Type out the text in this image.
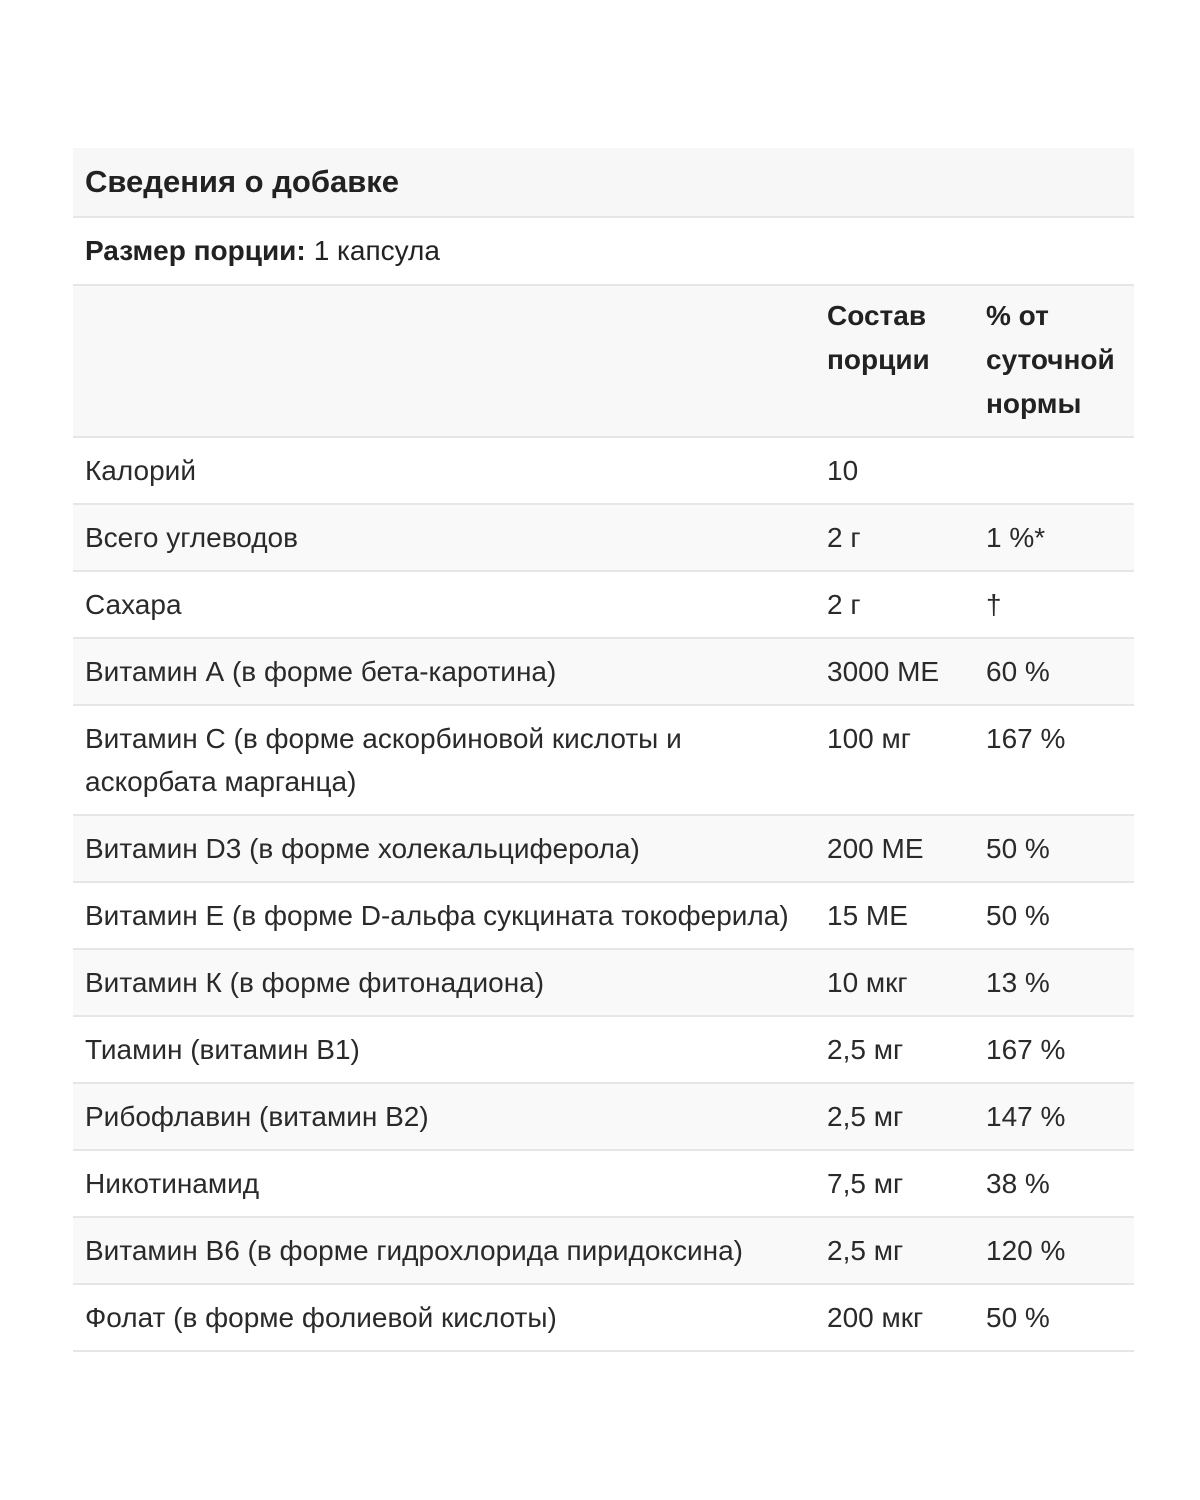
Сведения о добавке
Размер порции: 1 капсула
	Состав порции	% от суточной нормы
Калорий	10	
Всего углеводов	2 г	1 %*
Сахара	2 г	†
Витамин А (в форме бета-каротина)	3000 МЕ	60 %
Витамин С (в форме аскорбиновой кислоты и аскорбата марганца)	100 мг	167 %
Витамин D3 (в форме холекальциферола)	200 МЕ	50 %
Витамин Е (в форме D-альфа сукцината токоферила)	15 МЕ	50 %
Витамин К (в форме фитонадиона)	10 мкг	13 %
Тиамин (витамин В1)	2,5 мг	167 %
Рибофлавин (витамин В2)	2,5 мг	147 %
Никотинамид	7,5 мг	38 %
Витамин В6 (в форме гидрохлорида пиридоксина)	2,5 мг	120 %
Фолат (в форме фолиевой кислоты)	200 мкг	50 %
